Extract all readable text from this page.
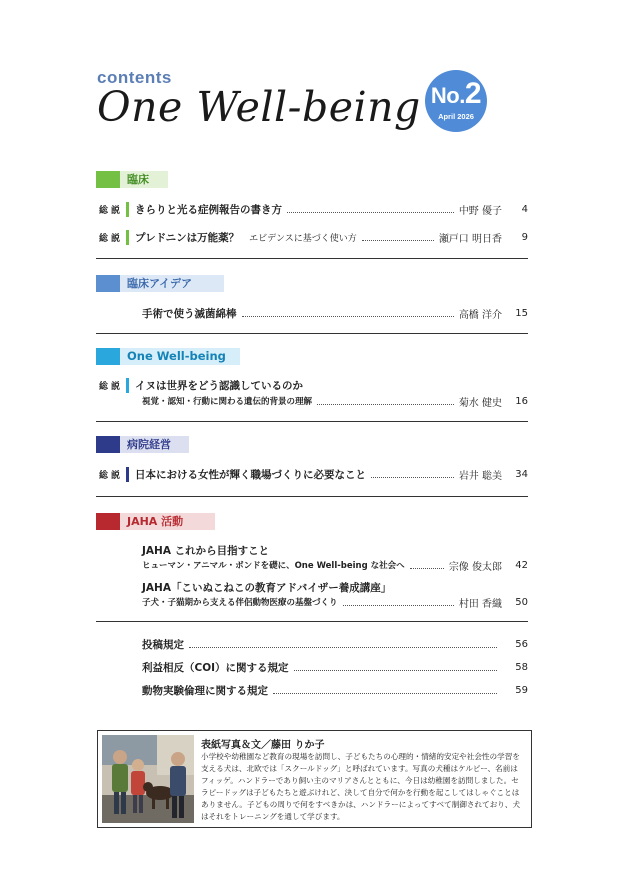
contents
One Well-being No.2
April 2026
臨床
総説 きらりと光る症例報告の書き方	中野 優子	4
総説 プレドニンは万能薬？ エビデンスに基づく使い方	瀬戸口 明日香	9
臨床アイデア
手術で使う滅菌綿棒	高橋 洋介	15
One Well-being
総説 イヌは世界をどう認識しているのか
視覚・認知・行動に関わる遺伝的背景の理解	菊水 健史	16
病院経営
総説 日本における女性が輝く職場づくりに必要なこと	岩井 聡美	34
JAHA 活動
JAHA これから目指すこと
ヒューマン・アニマル・ボンドを礎に、One Well-being な社会へ	宗像 俊太郎	42
JAHA「こいぬこねこの教育アドバイザー養成講座」
子犬・子猫期から支える伴侶動物医療の基盤づくり	村田 香織	50
投稿規定	56
利益相反（COI）に関する規定	58
動物実験倫理に関する規定	59
表紙写真＆文／藤田 りか子
小学校や幼稚園など教育の現場を訪問し、子どもたちの心理的・情緒的安定や社会性の学習を支える犬は、北欧では「スクールドッグ」と呼ばれています。写真の犬種はケルピー、名前はフィッゲ。ハンドラーであり飼い主のマリアさんとともに、今日は幼稚園を訪問しました。セラピードッグは子どもたちと遊ぶけれど、決して自分で何かを行動を起こしてはしゃぐことはありません。子どもの周りで何をすべきかは、ハンドラーによってすべて制御されており、犬はそれをトレーニングを通して学びます。
